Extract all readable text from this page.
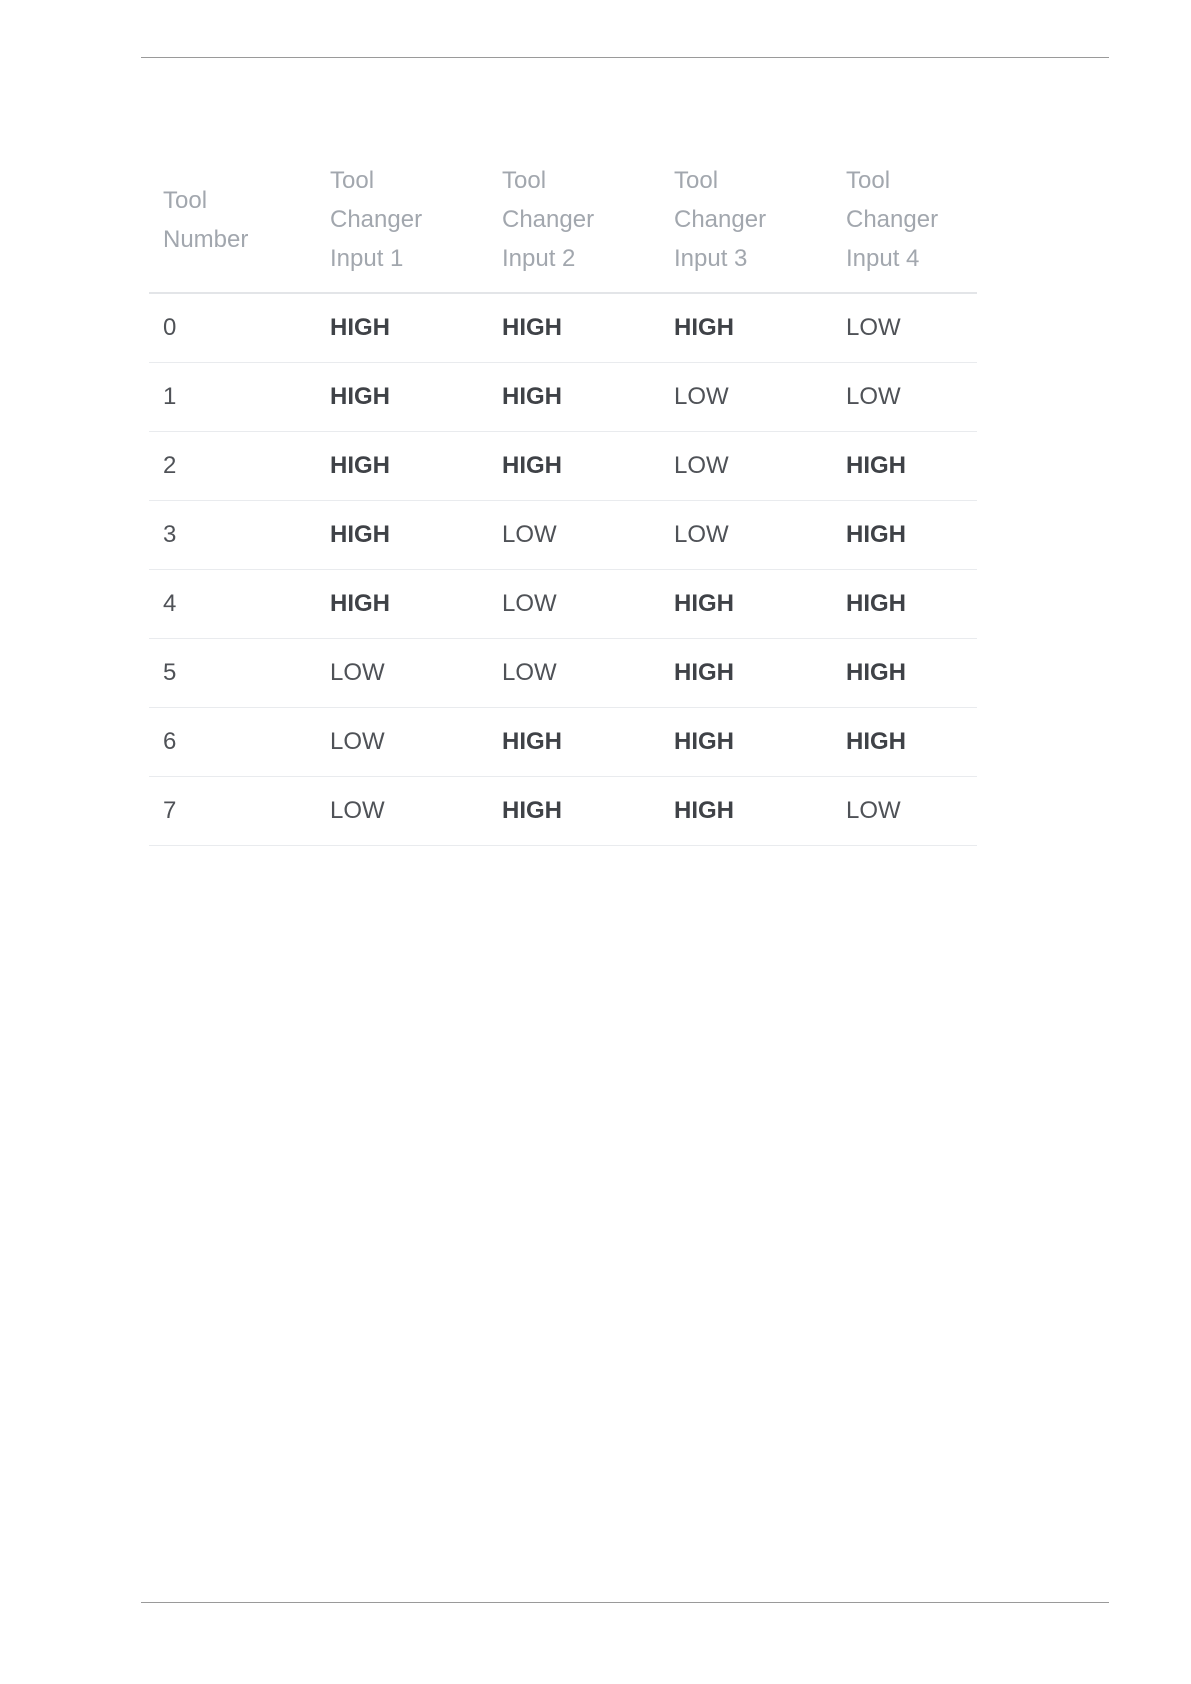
Tool
Number	Tool
Changer
Input 1	Tool
Changer
Input 2	Tool
Changer
Input 3	Tool
Changer
Input 4

0	HIGH	HIGH	HIGH	LOW
1	HIGH	HIGH	LOW	LOW
2	HIGH	HIGH	LOW	HIGH
3	HIGH	LOW	LOW	HIGH
4	HIGH	LOW	HIGH	HIGH
5	LOW	LOW	HIGH	HIGH
6	LOW	HIGH	HIGH	HIGH
7	LOW	HIGH	HIGH	LOW
